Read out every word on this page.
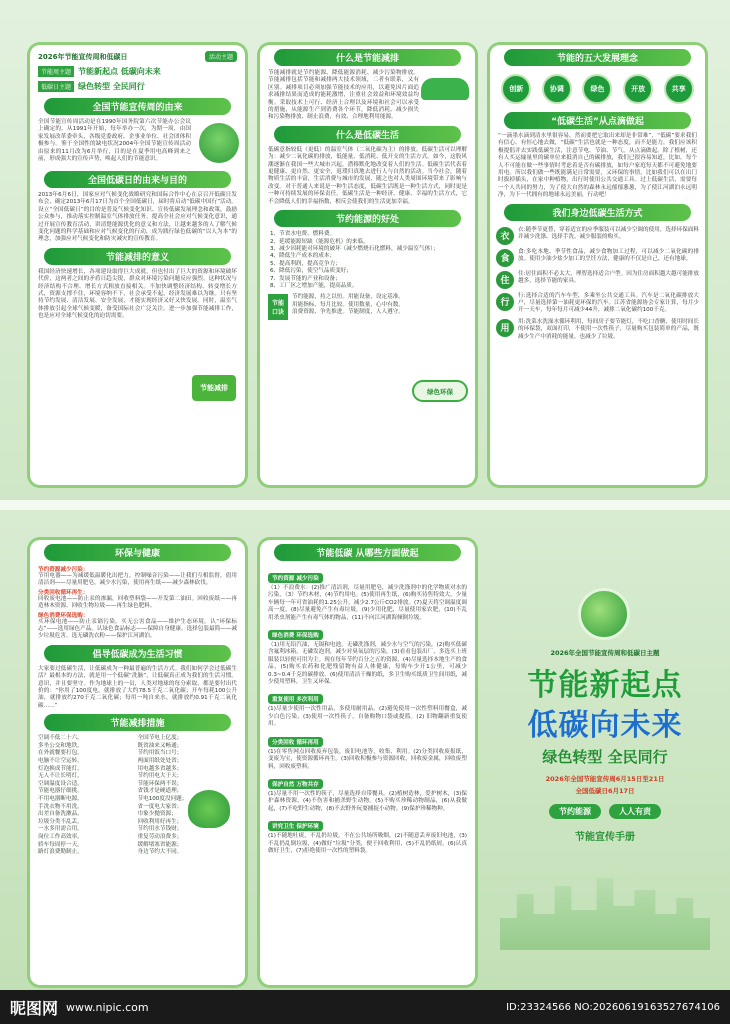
2026年节能宣传周和低碳日	活动主题
节能周主题 节能新起点 低碳向未来
低碳日主题 绿色转型 全民同行
全国节能宣传周的由来
全国节能宣传周活动是在1990年国务院第六次节能办公会议上确定的，从1991年开始，每年举办一次，为期一周，由国家发展改革委牵头，各级党委政府、企事业单位、社会团体积极参与。鉴于全国性的缺电状况2004年全国节能宣传周活动由原来的11月改为6月举行，目的是在夏季用电高峰到来之前，形成强大的宣传声势，唤起人们的节能意识。
全国低碳日的由来与目的
2013年6月6日，国家应对气候变化战略研究和国际合作中心在京召开低碳日发布会，确定2013年6月17日为首个全国低碳日，届时将启动“低碳中国行”活动。设立“全国低碳日”的目的是普及气候变化知识、宣传低碳发展理念和政策，鼓励公众参与，推动落实控制温室气体排放任务，提高全社会应对气候变化意识，通过开展宣传教育活动，讲清楚能源优化的意义和方法，让越来越多的人了解气候变化问题的科学基础和应对气候变化的行动，成为践行绿色低碳的“以人为本”的理念，加强应对气候变化和防灾减灾的宣传教育。
节能减排的意义
我国经济快速增长，各项建设取得巨大成就，但也付出了巨大的资源和环境破坏代价，这两者之间的矛盾日趋尖锐，群众对环境污染问题反应强烈。这种状况与经济结构不合理、增长方式粗放直接相关。不加快调整经济结构、转变增长方式，资源支撑不住，环境容纳不下，社会承受不起，经济发展难以为继。只有坚持节约发展、清洁发展、安全发展，才能实现经济又好又快发展。同时，温室气体排放引起全球气候变暖，备受国际社会广泛关注。进一步加强节能减排工作，也是应对全球气候变化的迫切需要。
节能减排
什么是节能减排
节能减排就是节约能源、降低能源消耗、减少污染物排放。节能减排包括节能和减排两大技术领域，二者有联系，又有区别。减排项目必须加强节能技术的应用，以避免因片面追求减排结果而造成的能耗激增，注重社会效益和环境效益均衡。采取技术上可行、经济上合理以及环境和社会可以承受的措施，从能源生产到消费各个环节，降低消耗、减少损失和污染物排放、制止浪费，有效、合理地利用能源。
什么是低碳生活
低碳意指较低（更低）的温室气体（二氧化碳为主）的排放。低碳生活可以理解为：减少二氧化碳的排放，低能量、低消耗、低开支的生活方式。如今，这股风潮逐渐在我国一些大城市兴起，潜移默化地改变着人们的生活。低碳生活代表着更健康、更自然、更安全，返璞归真地去进行人与自然的活动。当今社会，随着物质生活的丰富，生活消费与城市的发展，随之也对人类周围环境带来了影响与改变。对于普通人来说是一种生活态度，低碳生活既是一种生活方式，同时更是一种可持续发展的环保责任。低碳生活是一种经济、健康、幸福的生活方式，它不会降低人们的幸福指数，相反会使我们的生活更加幸福。
节约能源的好处
1、节省水电费、燃料费。
2、延缓能源短缺（能源危机）的来临。
3、减少因耗能对环境的破坏（减少燃烧石化燃料，减少温室气体）；
4、降低生产成本的成本；
5、提高利润，提高竞争力；
6、降低污染，使空气品质变好；
7、发展节能的产业和设备；
8、工厂区之增加产能，提高品质。
节能口诀
节约能源，持之以恒。用能设备，设定基准。
用能指标，每月比较。使用数量，心中有数。
浪费资源，争先推进。节能制度，人人遵守。
绿色环保
节能的五大发展理念
创新	协调	绿色	开放	共享
“低碳生活”从点滴做起
“一滴墨水滴到清水里很容易，然而要把它取出来却是非常难”，“低碳”要求我们有信心、有恒心地去做，“低碳”生活也就是一种态度，而不是能力，我们应该积极提倡并去实践低碳生活，注意节电、节油、节气，从点滴做起。除了植树，还有人买运输量里的碳单位来抵消自己的碳排放，我们已很容易知道，比如，每个人不可能在做一些事情时考虑着是否有碳排放，如每户家庭每天都不可避免地要用电。所以我们做一些既能满足日常需要，又环保的事情，比如我们可以在出门时拔掉插头，在家中种植物，出行时使用公共交通工具。过上低碳生活，需要每一个人共同的努力，为了使大自然的森林永远郁郁葱葱，为了使江河湖泊永远明净，为下一代拥有的地球永远美丽，行动吧！
我们身边低碳生活方式
衣
衣:随季节更替，穿着适宜的应季服装可以减少空调的使用，选择环保面料并减少洗涤、选择手洗、减少服装的购买。
食
食:多吃本地、季节性食品，减少食物加工过程，可以减少二氧化碳的排放。使用少油少盐少加工的烹饪方法，健康的不仅是自己，还有地球。
住
住:居住面积不必太大，理智选择适合户型。因为住房面积越大越可能排放越多，选择节能的家具。
行
行:选择合适的汽车车型，多乘坐公共交通工具。汽车是二氧化碳排放大户，尽量选择第一油耗更环保的汽车。江苏省能源协会专家计算，每月少开一天车，每年每月可减少44升，减排二氧化碳约100千克。
用
用:洗菜水洗澡水循环利用，每间房子要节能灯，不吃口香糖，使用时间长的环保袋，双面打印，不使用一次性筷子，尽量购买包装简单的产品，既减少生产中消耗的能量，也减少了垃圾。
环保与健康
节约资源减少污染：
节用电器——为减缓低温暖化出把力，控制噪音污染——让我们互相监督，倡用清洁剂——尽量用肥皂，减少水污染，使用再生纸——减少森林砍伐。
分类回收循环再生：
回收废电池——防止汞的渗漏，回收塑料袋——开发第二油田。回收废纸——再造林木资源。回收生物垃圾——再生绿色肥料。
绿色消费环保选购：
买环保电池——防止汞镉污染。买无公害食品——维护生态环境。认“环保标志”——选用绿色产品。认绿色食品标志——保障自身健康。选择包装最简——减少垃圾危害。选无磷洗衣粉——保护江河湖泊。
倡导低碳成为生活习惯
大家要过低碳生活，让低碳成为一种最普遍的生活方式。我们如何学会过低碳生活？最根本的方法，就是用一个低碳“洗脑”，让低碳真正成为我们的生活习惯。意识，并且要坚守。作为地球上的一员，人类对地球的每分索取，都是要付出代价的：“你用了100度电，就排放了大约78.5千克二氧化碳；开车每耗100公升油，就排放约270千克二氧化碳；每用一吨自来水，就排放约0.91千克二氧化碳……”
节能减排措施
空调不低二十六，	全国节电上亿度；
多坐公交和地铁，	既省油来又畅通；
在外就餐要打包，	节约用饭当口号；
电脑不让空运转，	两面用纸处处省；
灯泡换成节能灯，	用电越多省越多；
无人不让长明灯，	节约用电大于天；
空调温度设合适，	节能环保两不误；
节能电器仔细挑，	省钱才是硬道理；
不用电器断电源，	节电100度没问题；
手洗衣物不用洗，	省一度电大家省；
出差自备洗漱品，	巾象少抛资源；
垃圾分类不乱丢，	回收利用好再生；
一水多用需合用，	节约用水节钱财；
岗位工作高效率，	重复劳动浪费多；
轿车每周停一天，	缓解堵塞省能源；
路灯浪费勤制止，	身边节约大不同。
节能低碳 从哪些方面做起
节约资源 减少污染
（1）不浪费水：(2)推广清洁剂，尽量用肥皂，减少洗涤剂中的化学物质对水的污染，（3）节约木材，(4)节约用电。(5)使用再生纸，(6)购买待售特效大，少量车辆每一年可省油耗的1.25公升，减少2.7公斤CO2排放。(7)夏天将空调温度调高一度，(8)尽量避免产生有毒垃圾，(9)少用化肥，尽量使用家农肥，(10)不乱用杀虫剂能产生有毒气体的物品，(11)不向江河湖海倾倒垃圾。
绿色消费 环保选购
（1)用无铅汽油，无镉和电池，无磷洗涤剂，减少水与空气的污染，(2)购买低碳含氟利冰箱，无磷发泡剂，减少对臭氧层的污染，(3)看看包装出厂，多选买上班服装以轻便可用为主。现在每年节约百分之五的资源，(4)尽量选择本地生产的食品，(5)购买农药和化肥残留物有益人体健康，每购车少开1公里，可减少0.3~0.4千克的碳排放。(6)使用清洁干燥的纸，多卫生购买纸质卫生间用纸，减少使用塑料，卫生又环保。
重复使用 多次利用
(1)尽量少使用一次性用品，多使用耐用品。(2)避免使用一次性塑料用餐盒，减少白色污染，(3)使用一次性筷子，自备购物口袋或提篮。(2) 旧物翻新重复使用。
分类回收 循环再用
(1)在零售网点回收废弃包装，废旧电池等，收集、利用。(2)分类回收废报纸，变废为宝，使资源循环再生。(3)回收积极参与资源回收，回收废金属，回收废塑料，回收废塑料。
保护自然 万物共存
(1)尽量不用一次性的筷子，尽量选择自带餐具。(2)植树造林，爱护树木，(3)保护森林资源，(4)不伤害和捕杀野生动物。(5)不购买珍稀动物制品，(6)从我做起，(7)不吃野生动物，(8)不去野外玩耍捕捉小动物。(9)保护珍稀物种。
讲究卫生 保护环境
(1)不随地吐痰，不乱扔垃圾，不在公共场所吸烟，(2)不随意丢弃废旧电池，(3)不乱扔乱倒垃圾，(4)做好“垃圾”分类，便于回收利用，(5)不乱扔纸屑，(6)认真做好卫生，(7)拒绝使用一次性的塑料袋。
2026年全国节能宣传周和低碳日主题
节能新起点
低碳向未来
绿色转型 全民同行
2026年全国节能宣传周6月15日至21日
全国低碳日6月17日
节约能源	人人有责
节能宣传手册
昵图网 www.nipic.com	ID:23324566 NO:20260619163527674106
